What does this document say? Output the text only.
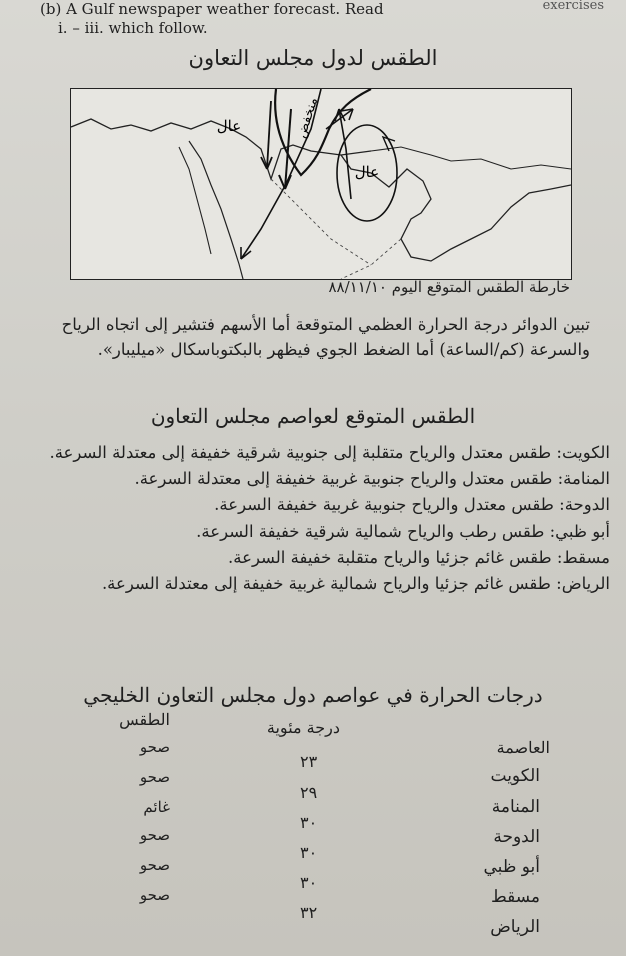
(b) A Gulf newspaper weather forecast. Read
i. – iii. which follow.
exercises
الطقس لدول مجلس التعاون
عال
عال
منخفض
خارطة الطقس المتوقع اليوم ٨٨/١١/١٠
تبين الدوائر درجة الحرارة العظمي المتوقعة أما الأسهم فتشير إلى اتجاه الرياح والسرعة (كم/الساعة) أما الضغط الجوي فيظهر بالبكتوباسكال «ميليبار».
الطقس المتوقع لعواصم مجلس التعاون

الكويت: طقس معتدل والرياح متقلبة إلى جنوبية شرقية خفيفة إلى معتدلة السرعة.

المنامة: طقس معتدل والرياح جنوبية غربية خفيفة إلى معتدلة السرعة.

الدوحة: طقس معتدل والرياح جنوبية غربية خفيفة السرعة.

أبو ظبي: طقس رطب والرياح شمالية شرقية خفيفة السرعة.

مسقط: طقس غائم جزئيا والرياح متقلبة خفيفة السرعة.

الرياض: طقس غائم جزئيا والرياح شمالية غربية خفيفة إلى معتدلة السرعة.

درجات الحرارة في عواصم دول مجلس التعاون الخليجي
العاصمة
درجة مئوية
الطقس
الكويت
٢٣
صحو
المنامة
٢٩
صحو
الدوحة
٣٠
غائم
أبو ظبي
٣٠
صحو
مسقط
٣٠
صحو
الرياض
٣٢
صحو
